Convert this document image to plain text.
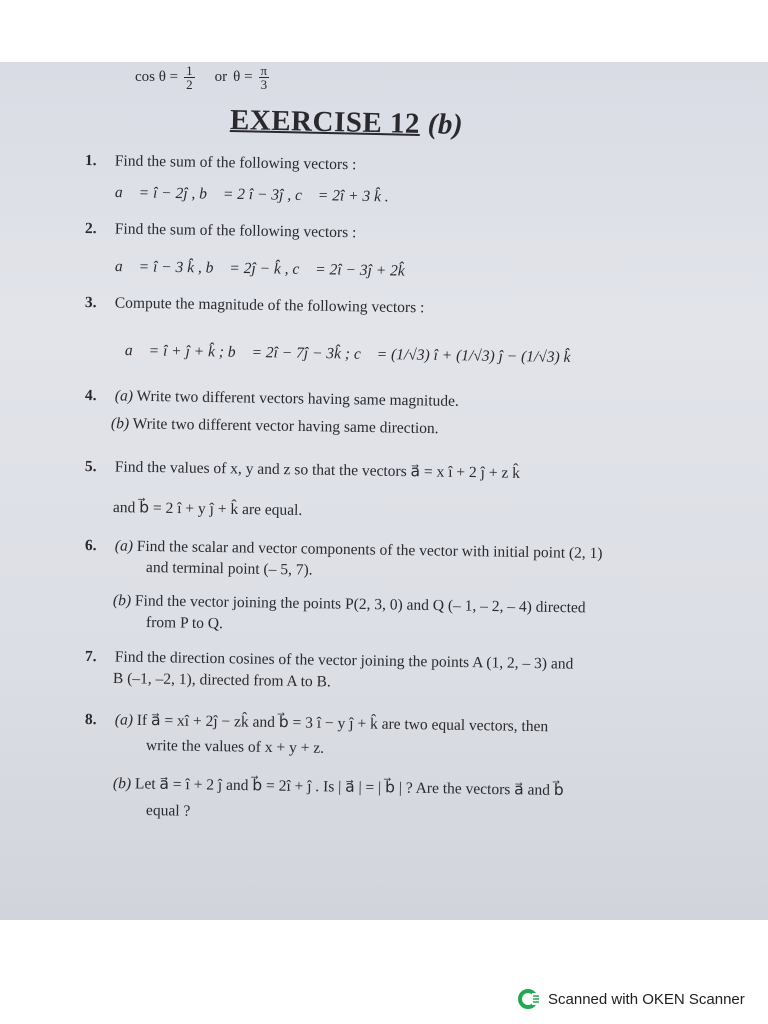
$\cos \theta = \frac{1}{2}$ or $\theta = \frac{\pi}{3}$
EXERCISE 12 (b)
1. Find the sum of the following vectors :
a⃗ = î − 2ĵ , b⃗ = 2 î − 3ĵ , c⃗ = 2î + 3 k̂ .
2. Find the sum of the following vectors :
a⃗ = î − 3 k̂ , b⃗ = 2ĵ − k̂ , c⃗ = 2î − 3ĵ + 2k̂
3. Compute the magnitude of the following vectors :
a⃗ = î + ĵ + k̂ ; b⃗ = 2î − 7ĵ − 3k̂ ; c⃗ = (1/√3) î + (1/√3) ĵ − (1/√3) k̂
4. (a) Write two different vectors having same magnitude.
(b) Write two different vector having same direction.
5. Find the values of x, y and z so that the vectors a⃗ = x î + 2 ĵ + z k̂
and b⃗ = 2 î + y ĵ + k̂ are equal.
6. (a) Find the scalar and vector components of the vector with initial point (2, 1)
and terminal point (– 5, 7).
(b) Find the vector joining the points P(2, 3, 0) and Q (– 1, – 2, – 4) directed
from P to Q.
7. Find the direction cosines of the vector joining the points A (1, 2, – 3) and
B (–1, –2, 1), directed from A to B.
8. (a) If a⃗ = xî + 2ĵ − zk̂ and b⃗ = 3 î − y ĵ + k̂ are two equal vectors, then
write the values of x + y + z.
(b) Let a⃗ = î + 2 ĵ and b⃗ = 2î + ĵ . Is | a⃗ | = | b⃗ | ? Are the vectors a⃗ and b⃗
equal ?
Scanned with OKEN Scanner
